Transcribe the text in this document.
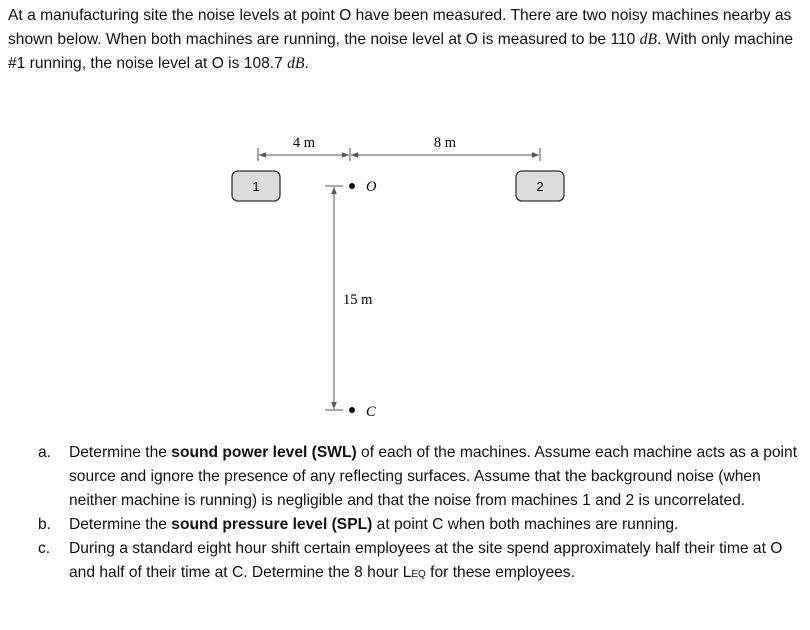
At a manufacturing site the noise levels at point O have been measured. There are two noisy machines nearby as shown below. When both machines are running, the noise level at O is measured to be 110 dB. With only machine #1 running, the noise level at O is 108.7 dB.

4 m	8 m
1	2
15 m
O
C
a. Determine the sound power level (SWL) of each of the machines. Assume each machine acts as a point source and ignore the presence of any reflecting surfaces. Assume that the background noise (when neither machine is running) is negligible and that the noise from machines 1 and 2 is uncorrelated.
b. Determine the sound pressure level (SPL) at point C when both machines are running.
c. During a standard eight hour shift certain employees at the site spend approximately half their time at O and half of their time at C. Determine the 8 hour LEQ for these employees.
